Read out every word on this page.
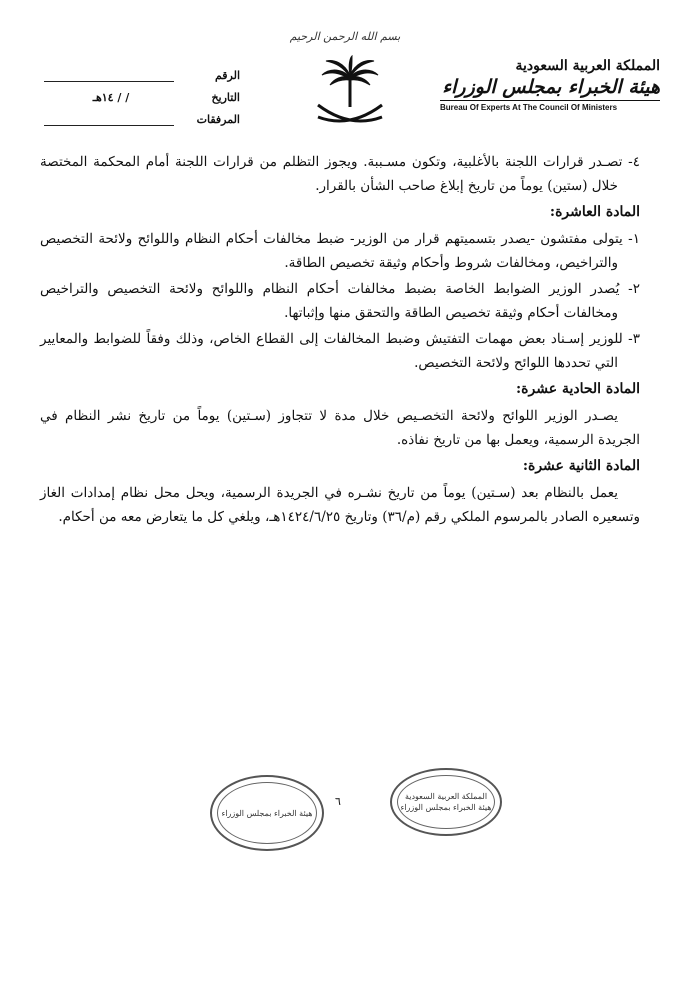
بسم الله الرحمن الرحيم
الرقم
التاريخ
/ / ١٤هـ
المرفقات
المملكة العربية السعودية
هيئة الخبراء بمجلس الوزراء
Bureau Of Experts At The Council Of Ministers

٤- تصـدر قرارات اللجنة بالأغلبية، وتكون مسـببة. ويجوز التظلم من قرارات اللجنة أمام المحكمة المختصة خلال (ستين) يوماً من تاريخ إبلاغ صاحب الشأن بالقرار.

المادة العاشرة:

١- يتولى مفتشون -يصدر بتسميتهم قرار من الوزير- ضبط مخالفات أحكام النظام واللوائح ولائحة التخصيص والتراخيص، ومخالفات شروط وأحكام وثيقة تخصيص الطاقة.

٢- يُصدر الوزير الضوابط الخاصة بضبط مخالفات أحكام النظام واللوائح ولائحة التخصيص والتراخيص ومخالفات أحكام وثيقة تخصيص الطاقة والتحقق منها وإثباتها.

٣- للوزير إسـناد بعض مهمات التفتيش وضبط المخالفات إلى القطاع الخاص، وذلك وفقاً للضوابط والمعايير التي تحددها اللوائح ولائحة التخصيص.

المادة الحادية عشرة:

يصـدر الوزير اللوائح ولائحة التخصـيص خلال مدة لا تتجاوز (سـتين) يوماً من تاريخ نشر النظام في الجريدة الرسمية، ويعمل بها من تاريخ نفاذه.

المادة الثانية عشرة:

يعمل بالنظام بعد (سـتين) يوماً من تاريخ نشـره في الجريدة الرسمية، ويحل محل نظام إمدادات الغاز وتسعيره الصادر بالمرسوم الملكي رقم (م/٣٦) وتاريخ ١٤٢٤/٦/٢٥هـ، ويلغي كل ما يتعارض معه من أحكام.

٦
هيئة الخبراء بمجلس الوزراء
المملكة العربية السعودية هيئة الخبراء بمجلس الوزراء
